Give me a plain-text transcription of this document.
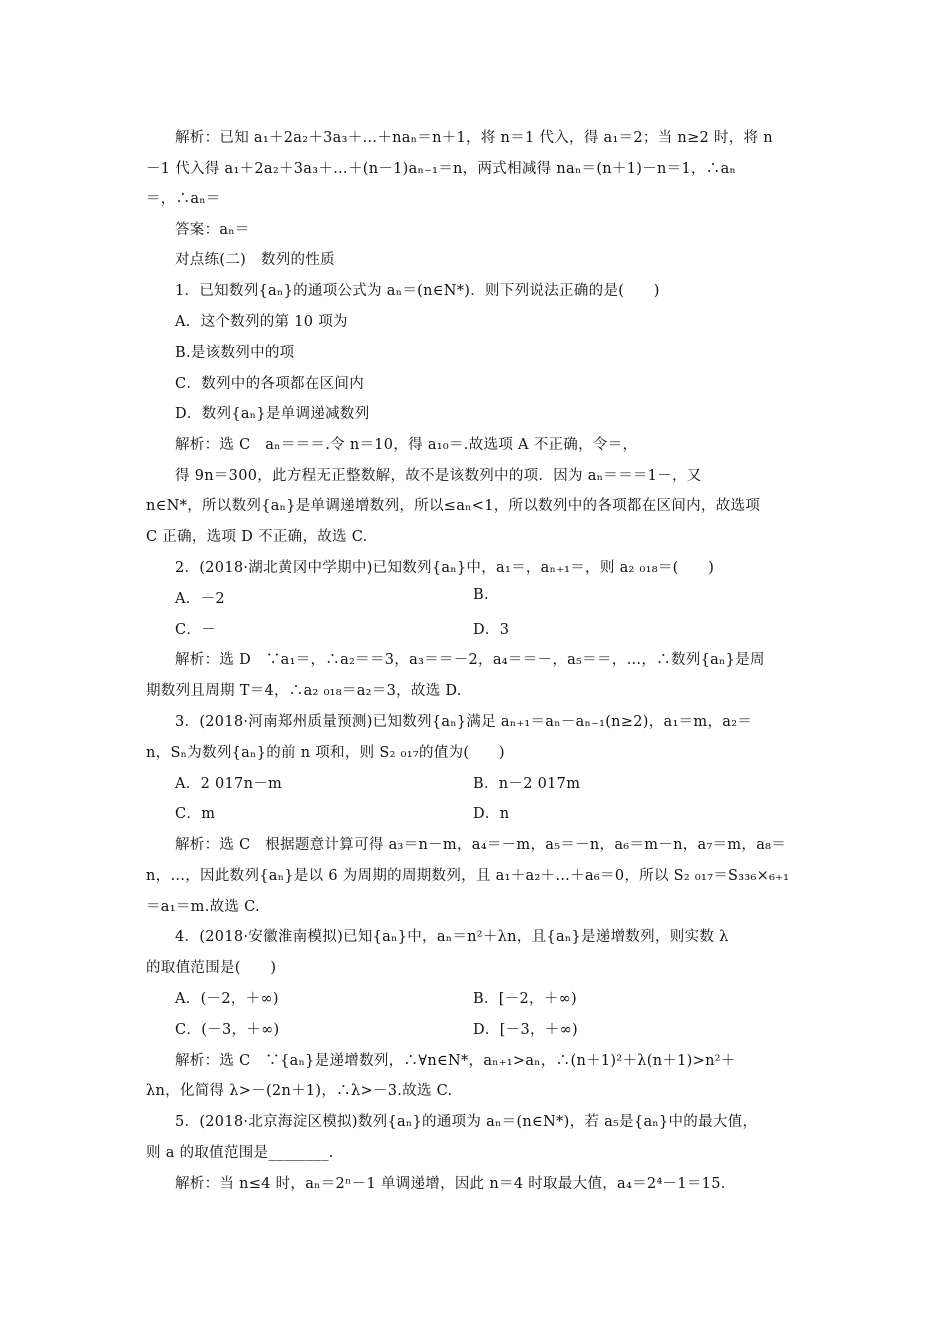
解析：已知 a₁＋2a₂＋3a₃＋…＋naₙ＝n＋1，将 n＝1 代入，得 a₁＝2；当 n≥2 时，将 n
－1 代入得 a₁＋2a₂＋3a₃＋…＋(n－1)aₙ₋₁＝n，两式相减得 naₙ＝(n＋1)－n＝1，∴aₙ
＝，∴aₙ＝
答案：aₙ＝
对点练(二)　数列的性质
1．已知数列{aₙ}的通项公式为 aₙ＝(n∈N*)．则下列说法正确的是(　　)
A．这个数列的第 10 项为
B.是该数列中的项
C．数列中的各项都在区间内
D．数列{aₙ}是单调递减数列
解析：选 C　aₙ＝＝＝.令 n＝10，得 a₁₀＝.故选项 A 不正确，令＝，
得 9n＝300，此方程无正整数解，故不是该数列中的项．因为 aₙ＝＝＝1－，又
n∈N*，所以数列{aₙ}是单调递增数列，所以≤aₙ<1，所以数列中的各项都在区间内，故选项
C 正确，选项 D 不正确，故选 C.
2．(2018·湖北黄冈中学期中)已知数列{aₙ}中，a₁＝，aₙ₊₁＝，则 a₂ ₀₁₈＝(　　)
A．－2	B.
C．－	D．3
解析：选 D　∵a₁＝，∴a₂＝＝3，a₃＝＝－2，a₄＝＝－，a₅＝＝，…，∴数列{aₙ}是周
期数列且周期 T＝4，∴a₂ ₀₁₈＝a₂＝3，故选 D.
3．(2018·河南郑州质量预测)已知数列{aₙ}满足 aₙ₊₁＝aₙ－aₙ₋₁(n≥2)，a₁＝m，a₂＝
n，Sₙ为数列{aₙ}的前 n 项和，则 S₂ ₀₁₇的值为(　　)
A．2 017n－m	B．n－2 017m
C．m	D．n
解析：选 C　根据题意计算可得 a₃＝n－m，a₄＝－m，a₅＝－n，a₆＝m－n，a₇＝m，a₈＝
n，…，因此数列{aₙ}是以 6 为周期的周期数列，且 a₁＋a₂＋…＋a₆＝0，所以 S₂ ₀₁₇＝S₃₃₆×₆₊₁
＝a₁＝m.故选 C.
4．(2018·安徽淮南模拟)已知{aₙ}中，aₙ＝n²＋λn，且{aₙ}是递增数列，则实数 λ
的取值范围是(　　)
A．(－2，＋∞)	B．[－2，＋∞)
C．(－3，＋∞)	D．[－3，＋∞)
解析：选 C　∵{aₙ}是递增数列，∴∀n∈N*，aₙ₊₁>aₙ，∴(n＋1)²＋λ(n＋1)>n²＋
λn，化简得 λ>－(2n＋1)，∴λ>－3.故选 C.
5．(2018·北京海淀区模拟)数列{aₙ}的通项为 aₙ＝(n∈N*)，若 a₅是{aₙ}中的最大值，
则 a 的取值范围是________.
解析：当 n≤4 时，aₙ＝2ⁿ－1 单调递增，因此 n＝4 时取最大值，a₄＝2⁴－1＝15.
